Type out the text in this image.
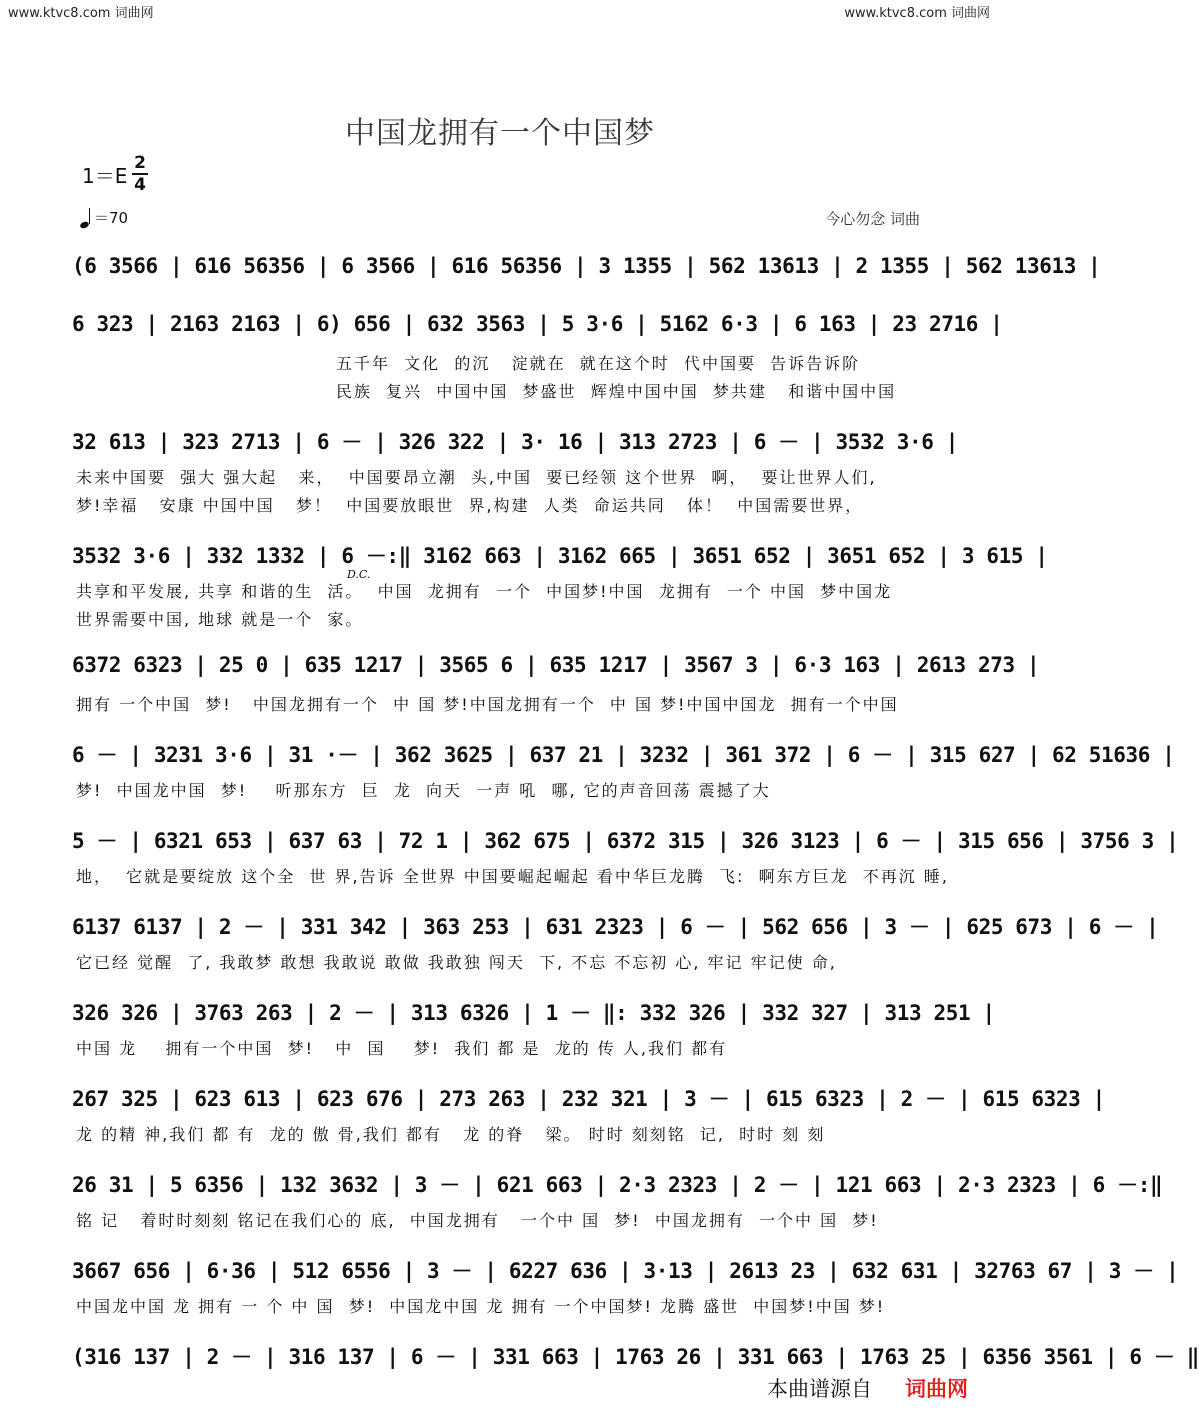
www.ktvc8.com 词曲网	www.ktvc8.com 词曲网
中国龙拥有一个中国梦
$1=E \frac{2}{4}$
＝70	今心勿念 词曲
(6 3566 | 616 56356 | 6 3566 | 616 56356 | 3 1355 | 562 13613 | 2 1355 | 562 13613 |
6 323 | 2163 2163 | 6) 656 | 632 3563 | 5 3·6 | 5162 6·3 | 6 163 | 23 2716 |
五千年  文化  的沉   淀就在  就在这个时  代中国要  告诉告诉阶
民族  复兴  中国中国  梦盛世  辉煌中国中国  梦共建   和谐中国中国
32 613 | 323 2713 | 6 － | 326 322 | 3· 16 | 313 2723 | 6 － | 3532 3·6 |
未来中国要  强大 强大起   来，  中国要昂立潮  头,中国  要已经领 这个世界  啊，  要让世界人们,
梦!幸福   安康 中国中国   梦！  中国要放眼世  界,构建  人类  命运共同   体！  中国需要世界，
3532 3·6 | 332 1332 | 6 －:‖ 3162 663 | 3162 665 | 3651 652 | 3651 652 | 3 615 |
D.C.
共享和平发展, 共享 和谐的生  活。  中国  龙拥有  一个  中国梦!中国  龙拥有  一个 中国  梦中国龙
世界需要中国, 地球 就是一个  家。
6372 6323 | 25 0 | 635 1217 | 3565 6 | 635 1217 | 3567 3 | 6·3 163 | 2613 273 |
拥有 一个中国  梦!   中国龙拥有一个  中 国 梦!中国龙拥有一个  中 国 梦!中国中国龙  拥有一个中国
6 － | 3231 3·6 | 31 ·－ | 362 3625 | 637 21 | 3232 | 361 372 | 6 － | 315 627 | 62 51636 |
梦!  中国龙中国  梦!    听那东方  巨  龙  向天  一声 吼  哪, 它的声音回荡 震撼了大
5 － | 6321 653 | 637 63 | 72 1 | 362 675 | 6372 315 | 326 3123 | 6 － | 315 656 | 3756 3 |
地，  它就是要绽放 这个全  世 界,告诉 全世界 中国要崛起崛起 看中华巨龙腾  飞:  啊东方巨龙  不再沉 睡,
6137 6137 | 2 － | 331 342 | 363 253 | 631 2323 | 6 － | 562 656 | 3 － | 625 673 | 6 － |
它已经 觉醒  了, 我敢梦 敢想 我敢说 敢做 我敢独 闯天  下, 不忘 不忘初 心, 牢记 牢记使 命,
326 326 | 3763 263 | 2 － | 313 6326 | 1 － ‖: 332 326 | 332 327 | 313 251 |
中国 龙    拥有一个中国  梦!   中  国    梦!  我们 都 是  龙的 传 人,我们 都有
267 325 | 623 613 | 623 676 | 273 263 | 232 321 | 3 － | 615 6323 | 2 － | 615 6323 |
龙 的精 神,我们 都 有  龙的 傲 骨,我们 都有   龙 的脊   梁。 时时 刻刻铭  记,  时时 刻 刻
26 31 | 5 6356 | 132 3632 | 3 － | 621 663 | 2·3 2323 | 2 － | 121 663 | 2·3 2323 | 6 －:‖
铭 记   着时时刻刻 铭记在我们心的 底,  中国龙拥有   一个中 国  梦!  中国龙拥有  一个中 国  梦!
3667 656 | 6·36 | 512 6556 | 3 － | 6227 636 | 3·13 | 2613 23 | 632 631 | 32763 67 | 3 － |
中国龙中国 龙 拥有 一 个 中 国  梦!  中国龙中国 龙 拥有 一个中国梦! 龙腾 盛世  中国梦!中国 梦!
(316 137 | 2 － | 316 137 | 6 － | 331 663 | 1763 26 | 331 663 | 1763 25 | 6356 3561 | 6 － ‖
本曲谱源自 词曲网
